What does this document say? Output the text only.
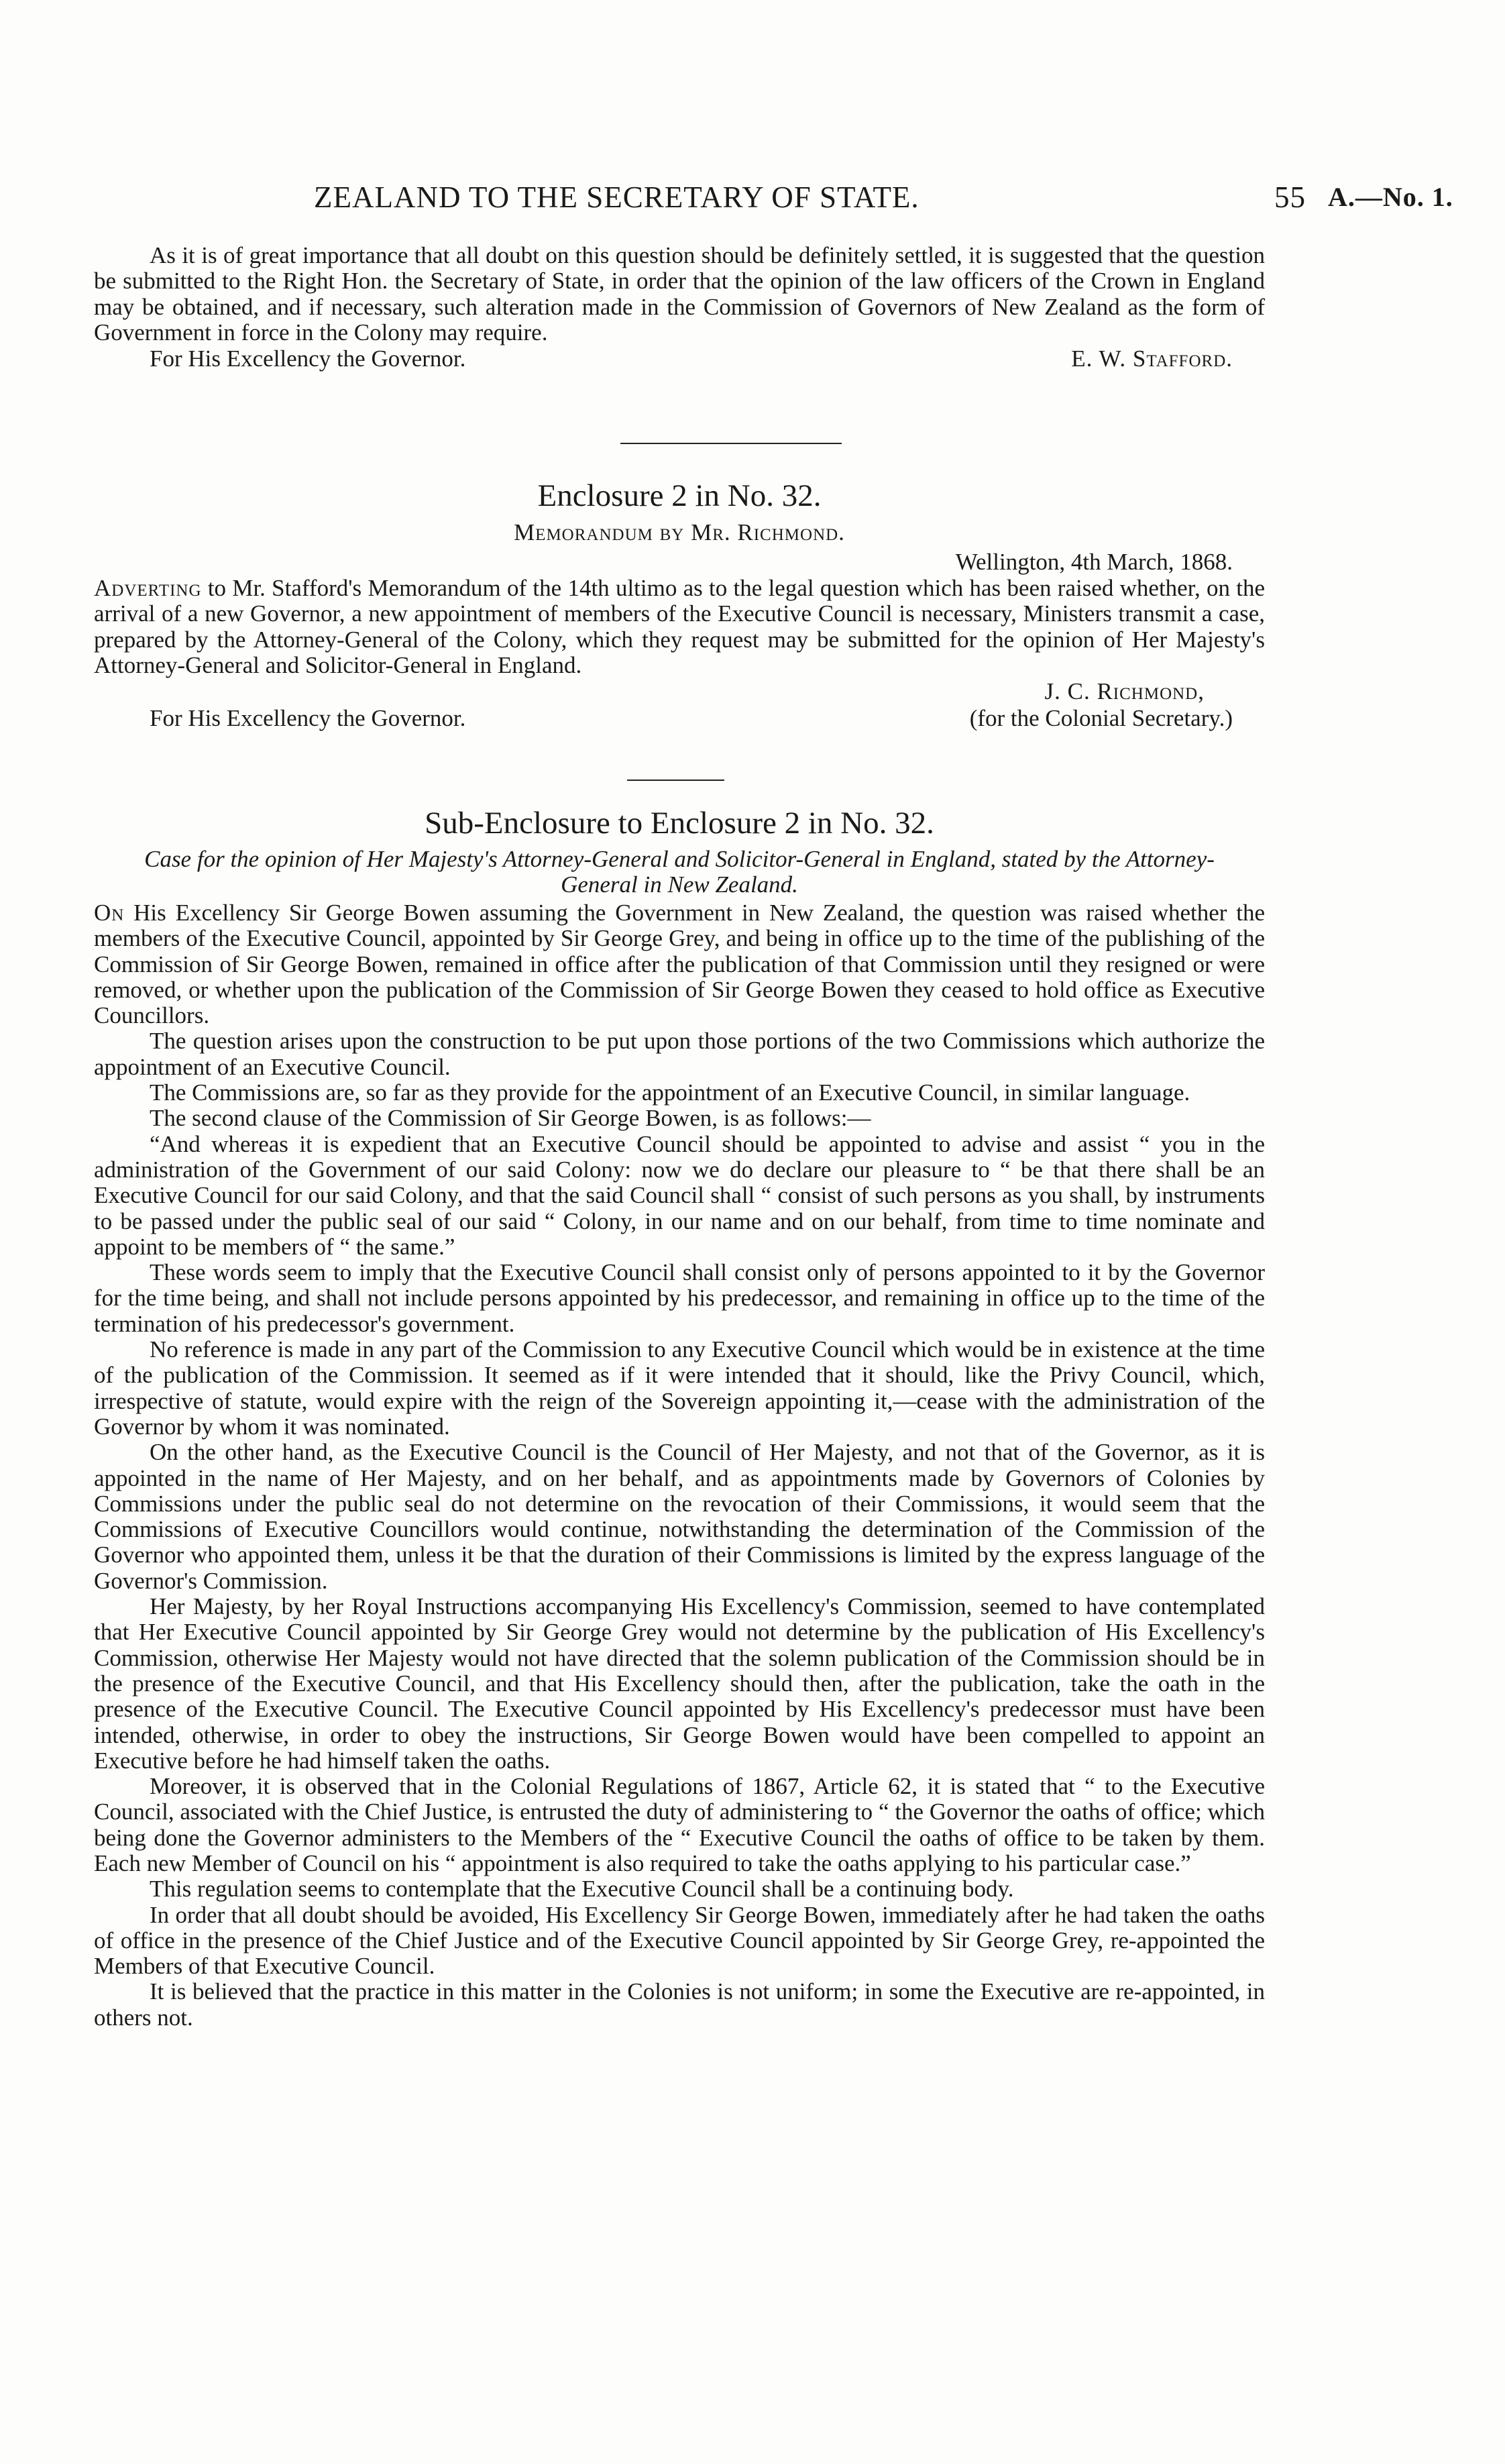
ZEALAND TO THE SECRETARY OF STATE.	55 A.—No. 1.

As it is of great importance that all doubt on this question should be definitely settled, it is suggested that the question be submitted to the Right Hon. the Secretary of State, in order that the opinion of the law officers of the Crown in England may be obtained, and if necessary, such alteration made in the Commission of Governors of New Zealand as the form of Government in force in the Colony may require.

For His Excellency the Governor.	E. W. Stafford.

Enclosure 2 in No. 32.

Memorandum by Mr. Richmond.

Wellington, 4th March, 1868.

Adverting to Mr. Stafford's Memorandum of the 14th ultimo as to the legal question which has been raised whether, on the arrival of a new Governor, a new appointment of members of the Executive Council is necessary, Ministers transmit a case, prepared by the Attorney-General of the Colony, which they request may be submitted for the opinion of Her Majesty's Attorney-General and Solicitor-General in England.

J. C. Richmond,

For His Excellency the Governor.	(for the Colonial Secretary.)

Sub-Enclosure to Enclosure 2 in No. 32.

Case for the opinion of Her Majesty's Attorney-General and Solicitor-General in England, stated by the Attorney-General in New Zealand.

On His Excellency Sir George Bowen assuming the Government in New Zealand, the question was raised whether the members of the Executive Council, appointed by Sir George Grey, and being in office up to the time of the publishing of the Commission of Sir George Bowen, remained in office after the publication of that Commission until they resigned or were removed, or whether upon the publication of the Commission of Sir George Bowen they ceased to hold office as Executive Councillors.

The question arises upon the construction to be put upon those portions of the two Commissions which authorize the appointment of an Executive Council.

The Commissions are, so far as they provide for the appointment of an Executive Council, in similar language.

The second clause of the Commission of Sir George Bowen, is as follows:—

“And whereas it is expedient that an Executive Council should be appointed to advise and assist “ you in the administration of the Government of our said Colony: now we do declare our pleasure to “ be that there shall be an Executive Council for our said Colony, and that the said Council shall “ consist of such persons as you shall, by instruments to be passed under the public seal of our said “ Colony, in our name and on our behalf, from time to time nominate and appoint to be members of “ the same.”

These words seem to imply that the Executive Council shall consist only of persons appointed to it by the Governor for the time being, and shall not include persons appointed by his predecessor, and remaining in office up to the time of the termination of his predecessor's government.

No reference is made in any part of the Commission to any Executive Council which would be in existence at the time of the publication of the Commission. It seemed as if it were intended that it should, like the Privy Council, which, irrespective of statute, would expire with the reign of the Sovereign appointing it,—cease with the administration of the Governor by whom it was nominated.

On the other hand, as the Executive Council is the Council of Her Majesty, and not that of the Governor, as it is appointed in the name of Her Majesty, and on her behalf, and as appointments made by Governors of Colonies by Commissions under the public seal do not determine on the revocation of their Commissions, it would seem that the Commissions of Executive Councillors would continue, notwithstanding the determination of the Commission of the Governor who appointed them, unless it be that the duration of their Commissions is limited by the express language of the Governor's Commission.

Her Majesty, by her Royal Instructions accompanying His Excellency's Commission, seemed to have contemplated that Her Executive Council appointed by Sir George Grey would not determine by the publication of His Excellency's Commission, otherwise Her Majesty would not have directed that the solemn publication of the Commission should be in the presence of the Executive Council, and that His Excellency should then, after the publication, take the oath in the presence of the Executive Council. The Executive Council appointed by His Excellency's predecessor must have been intended, otherwise, in order to obey the instructions, Sir George Bowen would have been compelled to appoint an Executive before he had himself taken the oaths.

Moreover, it is observed that in the Colonial Regulations of 1867, Article 62, it is stated that “ to the Executive Council, associated with the Chief Justice, is entrusted the duty of administering to “ the Governor the oaths of office; which being done the Governor administers to the Members of the “ Executive Council the oaths of office to be taken by them. Each new Member of Council on his “ appointment is also required to take the oaths applying to his particular case.”

This regulation seems to contemplate that the Executive Council shall be a continuing body.

In order that all doubt should be avoided, His Excellency Sir George Bowen, immediately after he had taken the oaths of office in the presence of the Chief Justice and of the Executive Council appointed by Sir George Grey, re-appointed the Members of that Executive Council.

It is believed that the practice in this matter in the Colonies is not uniform; in some the Executive are re-appointed, in others not.
